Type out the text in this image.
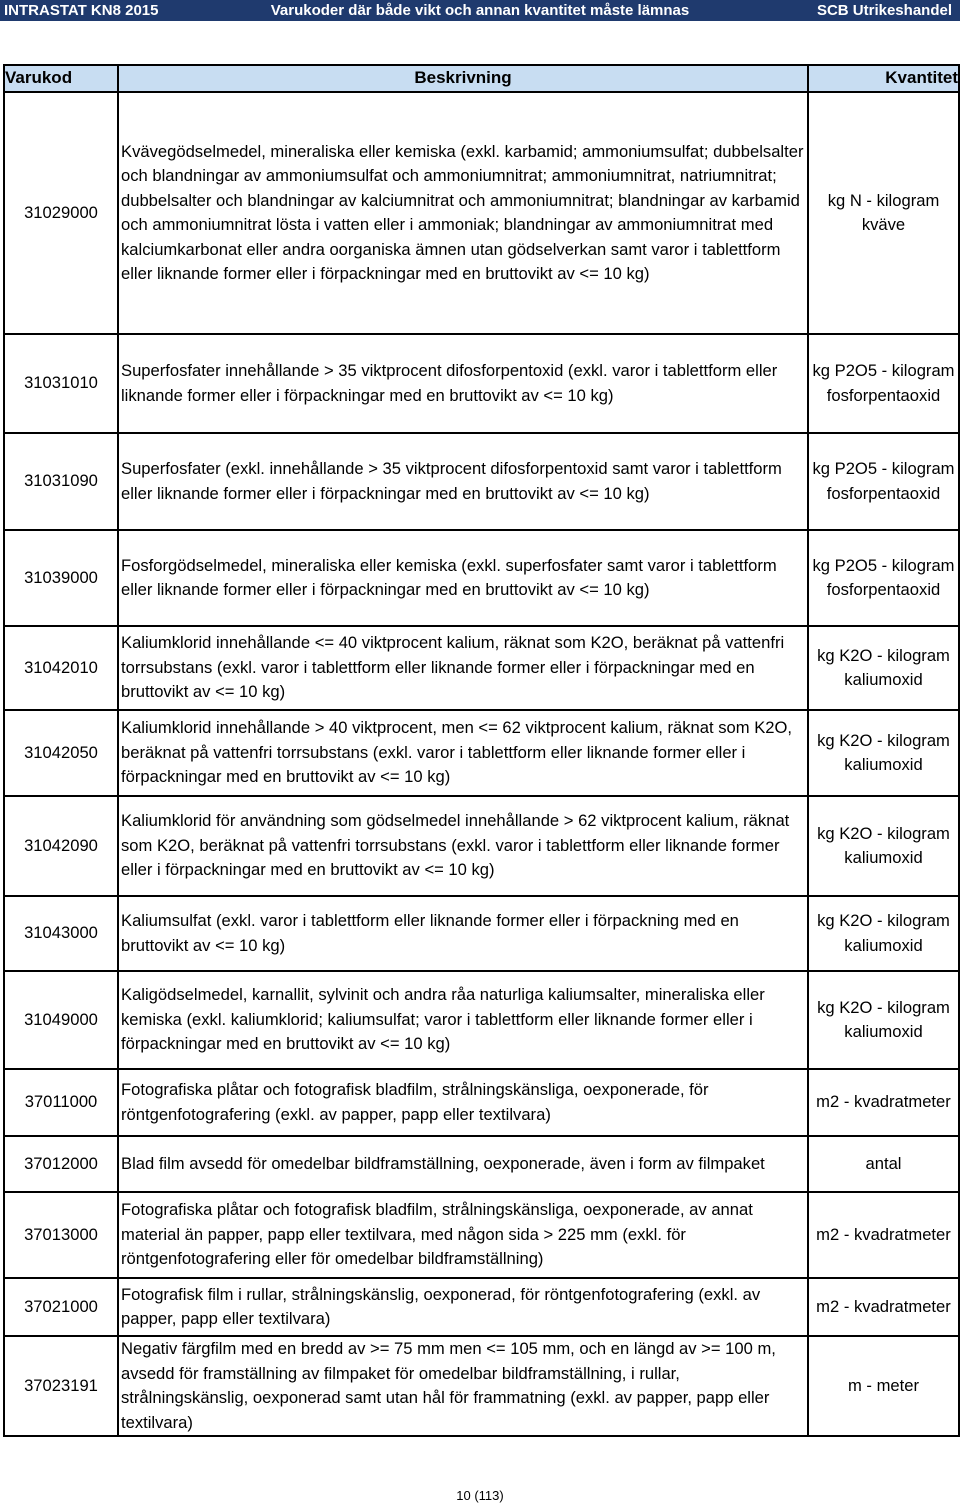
Varukoder där både vikt och annan kvantitet måste lämnas
INTRASTAT KN8 2015	SCB Utrikeshandel
Varukod	Beskrivning	Kvantitet
31029000	Kvävegödselmedel, mineraliska eller kemiska (exkl. karbamid; ammoniumsulfat; dubbelsalter och blandningar av ammoniumsulfat och ammoniumnitrat; ammoniumnitrat, natriumnitrat; dubbelsalter och blandningar av kalciumnitrat och ammoniumnitrat; blandningar av karbamid och ammoniumnitrat lösta i vatten eller i ammoniak; blandningar av ammoniumnitrat med kalciumkarbonat eller andra oorganiska ämnen utan gödselverkan samt varor i tablettform eller liknande former eller i förpackningar med en bruttovikt av <= 10 kg)	kg N - kilogram kväve
31031010	Superfosfater innehållande > 35 viktprocent difosforpentoxid (exkl. varor i tablettform eller liknande former eller i förpackningar med en bruttovikt av <= 10 kg)	kg P2O5 - kilogram fosforpentaoxid
31031090	Superfosfater (exkl. innehållande > 35 viktprocent difosforpentoxid samt varor i tablettform eller liknande former eller i förpackningar med en bruttovikt av <= 10 kg)	kg P2O5 - kilogram fosforpentaoxid
31039000	Fosforgödselmedel, mineraliska eller kemiska (exkl. superfosfater samt varor i tablettform eller liknande former eller i förpackningar med en bruttovikt av <= 10 kg)	kg P2O5 - kilogram fosforpentaoxid
31042010	Kaliumklorid innehållande <= 40 viktprocent kalium, räknat som K2O, beräknat på vattenfri torrsubstans (exkl. varor i tablettform eller liknande former eller i förpackningar med en bruttovikt av <= 10 kg)	kg K2O - kilogram kaliumoxid
31042050	Kaliumklorid innehållande > 40 viktprocent, men <= 62 viktprocent kalium, räknat som K2O, beräknat på vattenfri torrsubstans (exkl. varor i tablettform eller liknande former eller i förpackningar med en bruttovikt av <= 10 kg)	kg K2O - kilogram kaliumoxid
31042090	Kaliumklorid för användning som gödselmedel innehållande > 62 viktprocent kalium, räknat som K2O, beräknat på vattenfri torrsubstans (exkl. varor i tablettform eller liknande former eller i förpackningar med en bruttovikt av <= 10 kg)	kg K2O - kilogram kaliumoxid
31043000	Kaliumsulfat (exkl. varor i tablettform eller liknande former eller i förpackning med en bruttovikt av <= 10 kg)	kg K2O - kilogram kaliumoxid
31049000	Kaligödselmedel, karnallit, sylvinit och andra råa naturliga kaliumsalter, mineraliska eller kemiska (exkl. kaliumklorid; kaliumsulfat; varor i tablettform eller liknande former eller i förpackningar med en bruttovikt av <= 10 kg)	kg K2O - kilogram kaliumoxid
37011000	Fotografiska plåtar och fotografisk bladfilm, strålningskänsliga, oexponerade, för röntgenfotografering (exkl. av papper, papp eller textilvara)	m2 - kvadratmeter
37012000	Blad film avsedd för omedelbar bildframställning, oexponerade, även i form av filmpaket	antal
37013000	Fotografiska plåtar och fotografisk bladfilm, strålningskänsliga, oexponerade, av annat material än papper, papp eller textilvara, med någon sida > 225 mm (exkl. för röntgenfotografering eller för omedelbar bildframställning)	m2 - kvadratmeter
37021000	Fotografisk film i rullar, strålningskänslig, oexponerad, för röntgenfotografering (exkl. av papper, papp eller textilvara)	m2 - kvadratmeter
37023191	Negativ färgfilm med en bredd av >= 75 mm men <= 105 mm, och en längd av >= 100 m, avsedd för framställning av filmpaket för omedelbar bildframställning, i rullar, strålningskänslig, oexponerad samt utan hål för frammatning (exkl. av papper, papp eller textilvara)	m - meter
10 (113)
